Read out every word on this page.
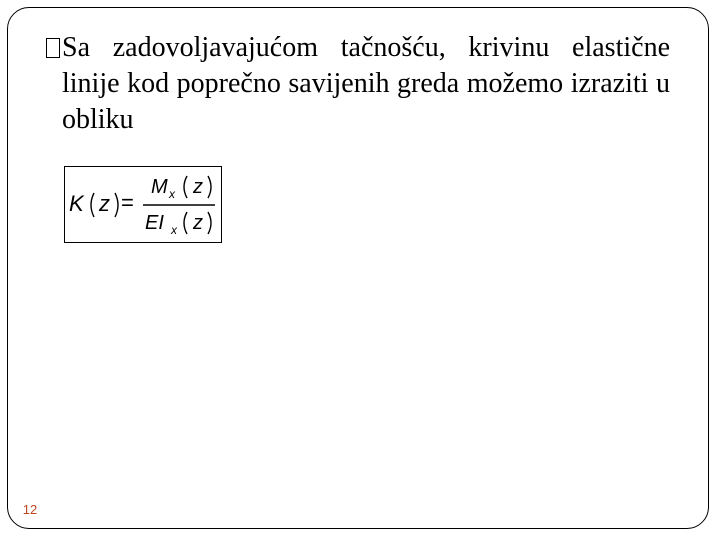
Sa zadovoljavajućom tačnošću, krivinu elastične linije kod poprečno savijenih greda možemo izraziti u obliku

K z
M x z
EI x z
=
12
